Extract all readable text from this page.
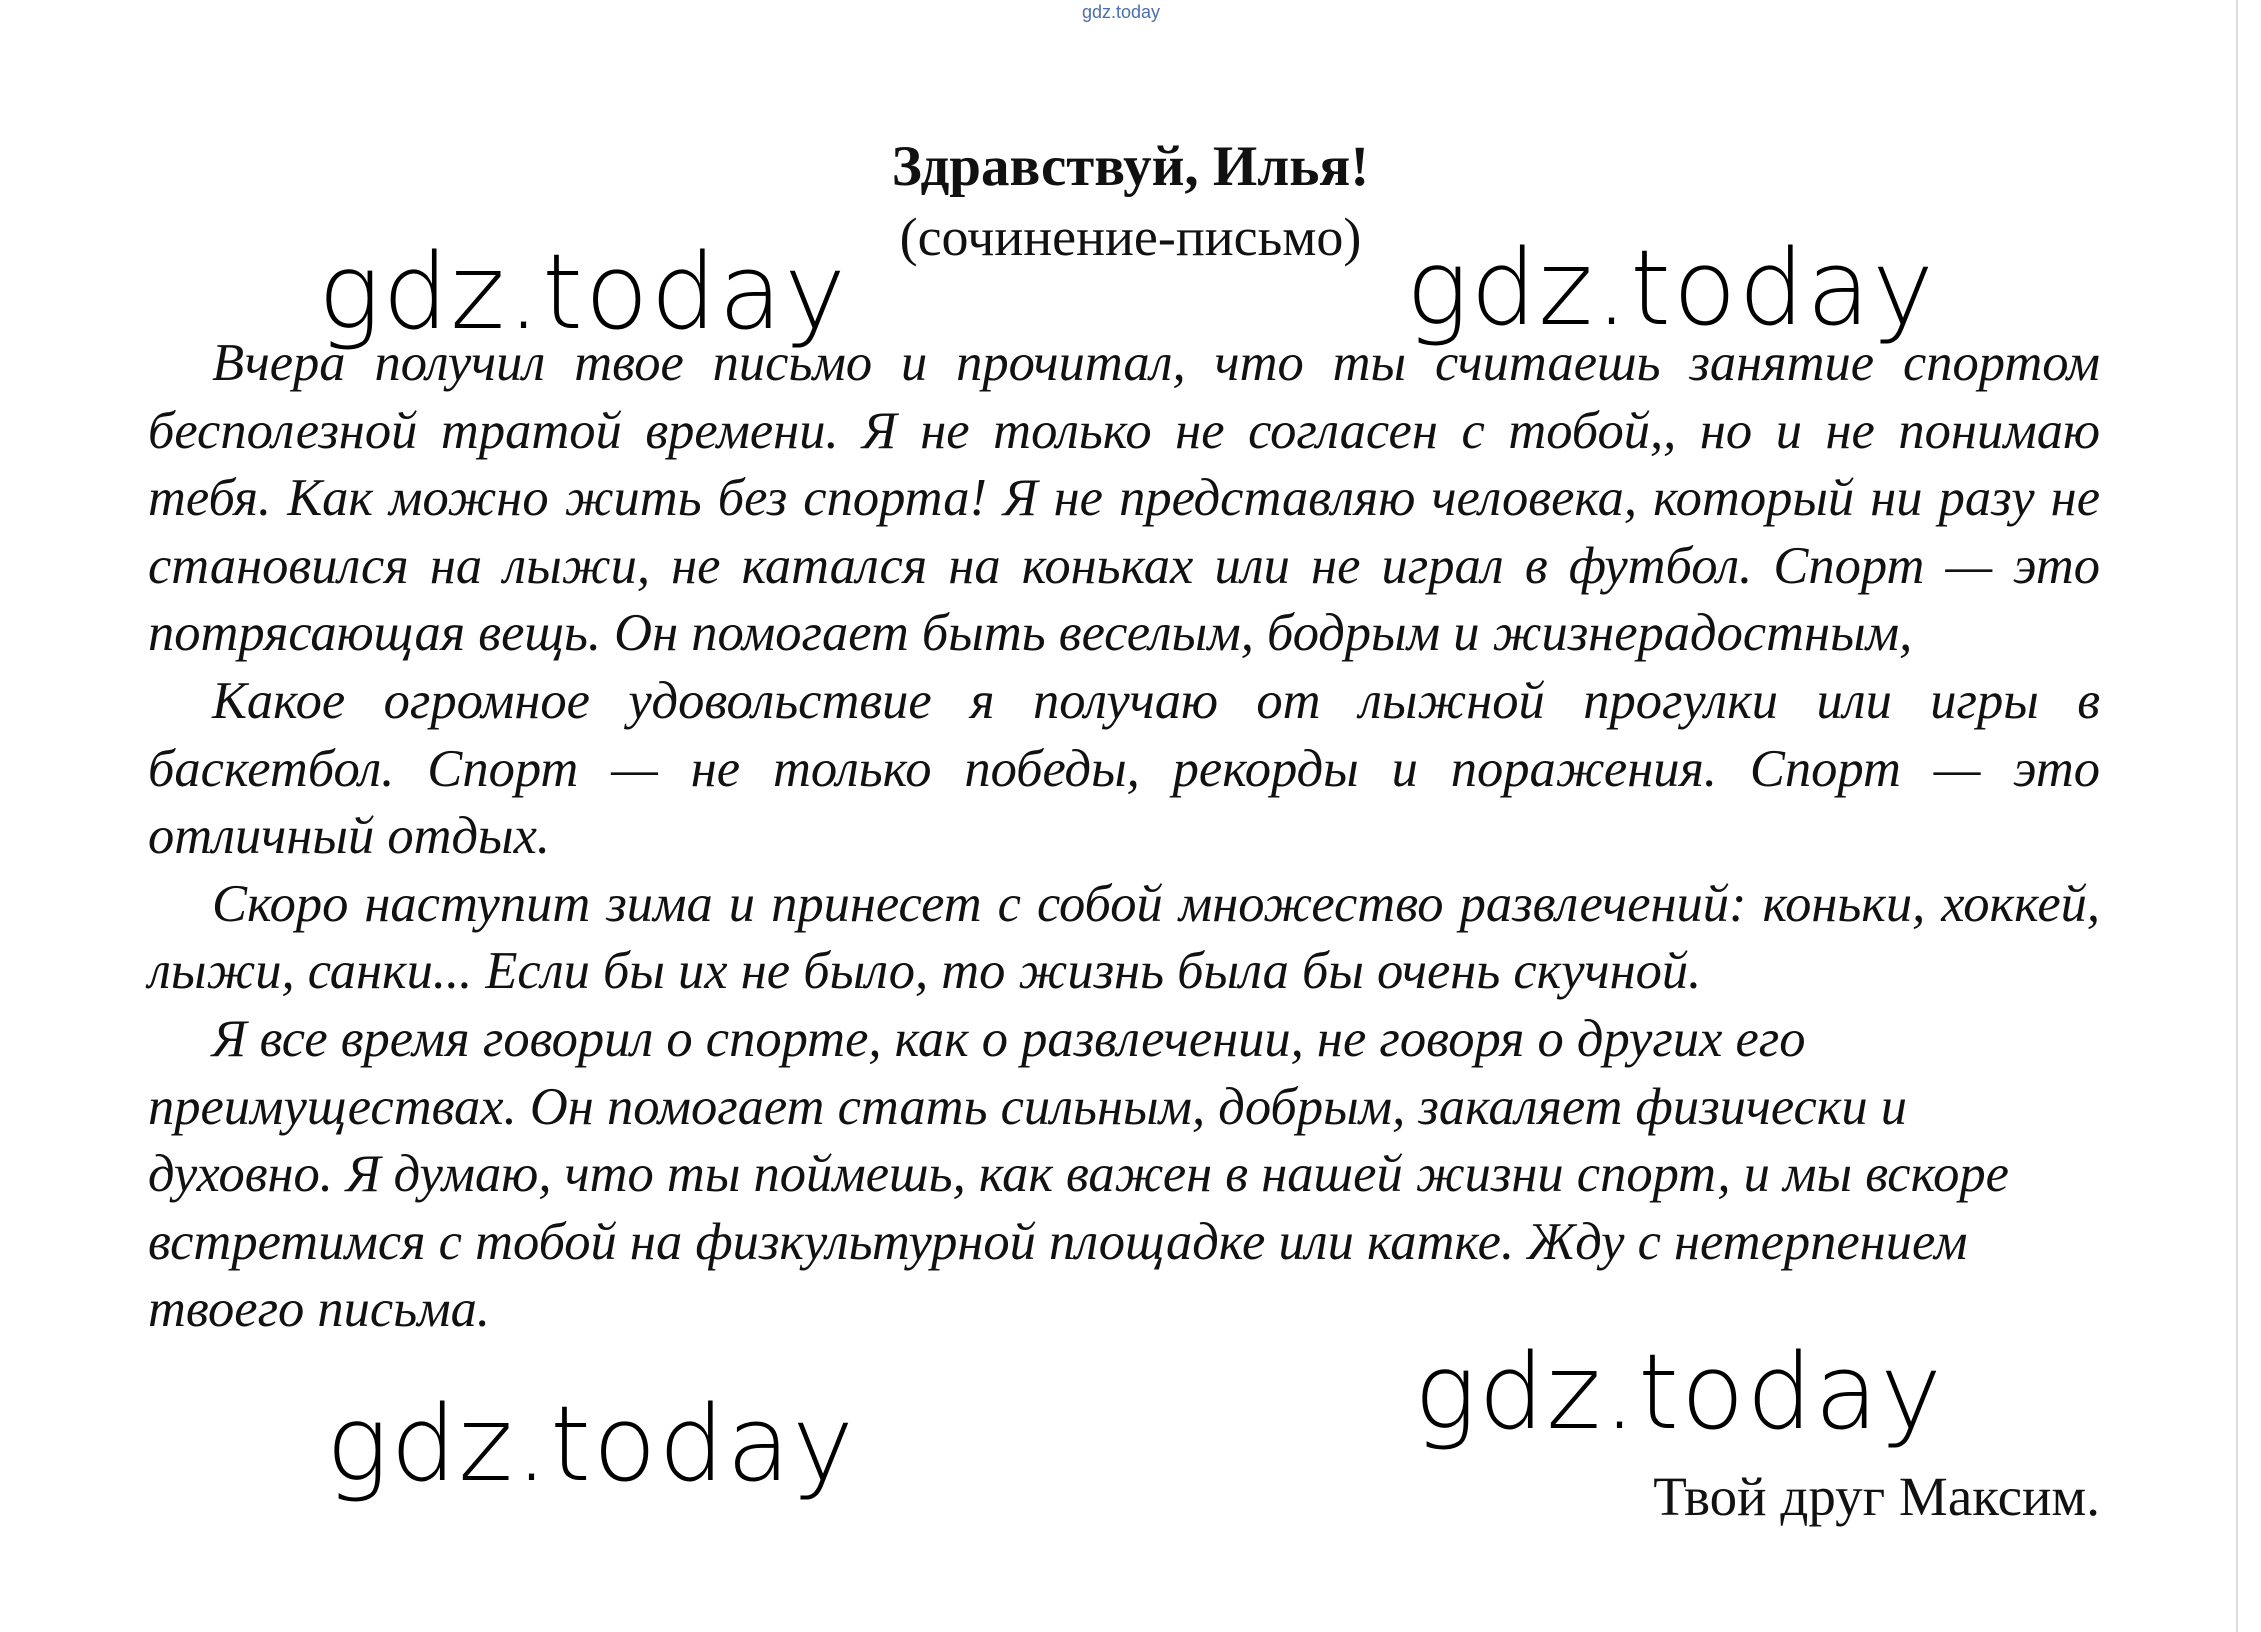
gdz.today
Здравствуй, Илья!
(сочинение-письмо)

Вчера получил твое письмо и прочитал, что ты считаешь занятие спортом бесполезной тратой времени. Я не только не согласен с тобой,, но и не понимаю тебя. Как можно жить без спорта! Я не представляю человека, который ни разу не становился на лыжи, не катался на коньках или не играл в футбол. Спорт — это потрясающая вещь. Он помогает быть веселым, бодрым и жизнерадостным,

Какое огромное удовольствие я получаю от лыжной прогулки или игры в баскетбол. Спорт — не только победы, рекорды и поражения. Спорт — это отличный отдых.

Скоро наступит зима и принесет с собой множество развлечений: коньки, хоккей, лыжи, санки... Если бы их не было, то жизнь была бы очень скучной.

Я все время говорил о спорте, как о развлечении, не говоря о других его преимуществах. Он помогает стать сильным, добрым, закаляет физически и духовно. Я думаю, что ты поймешь, как важен в нашей жизни спорт, и мы вскоре встретимся с тобой на физкультурной площадке или катке. Жду с нетерпением твоего письма.

Твой друг Максим.
gdz.today	gdz.today
gdz.today
gdz.today
